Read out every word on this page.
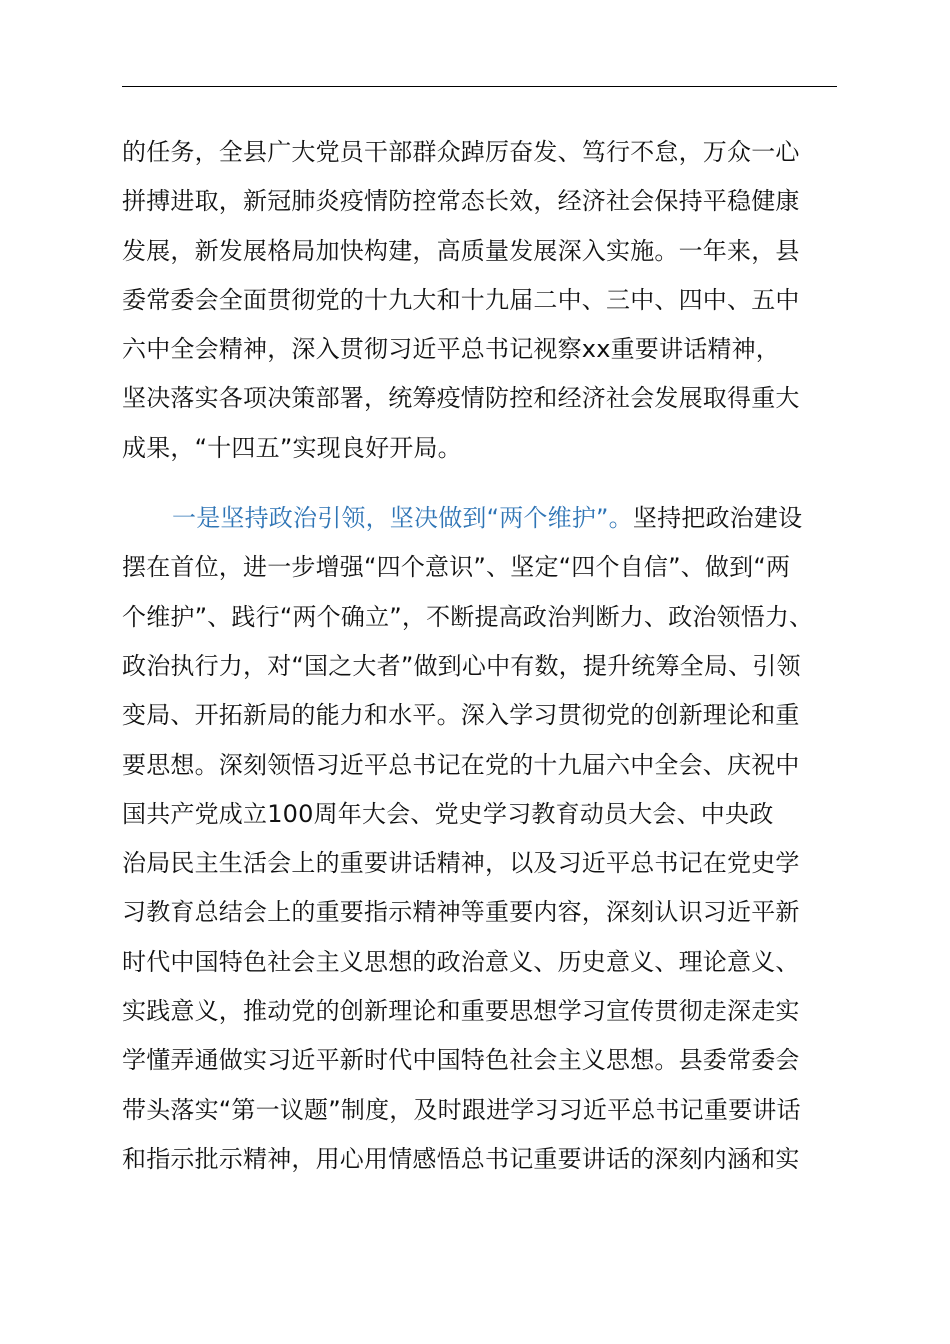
的任务，全县广大党员干部群众踔厉奋发、笃行不怠，万众一心
拼搏进取，新冠肺炎疫情防控常态长效，经济社会保持平稳健康
发展，新发展格局加快构建，高质量发展深入实施。一年来，县
委常委会全面贯彻党的十九大和十九届二中、三中、四中、五中
六中全会精神，深入贯彻习近平总书记视察xx重要讲话精神，
坚决落实各项决策部署，统筹疫情防控和经济社会发展取得重大
成果，“十四五”实现良好开局。
一是坚持政治引领，坚决做到“两个维护”。坚持把政治建设
摆在首位，进一步增强“四个意识”、坚定“四个自信”、做到“两
个维护”、践行“两个确立”，不断提高政治判断力、政治领悟力、
政治执行力，对“国之大者”做到心中有数，提升统筹全局、引领
变局、开拓新局的能力和水平。深入学习贯彻党的创新理论和重
要思想。深刻领悟习近平总书记在党的十九届六中全会、庆祝中
国共产党成立100周年大会、党史学习教育动员大会、中央政
治局民主生活会上的重要讲话精神，以及习近平总书记在党史学
习教育总结会上的重要指示精神等重要内容，深刻认识习近平新
时代中国特色社会主义思想的政治意义、历史意义、理论意义、
实践意义，推动党的创新理论和重要思想学习宣传贯彻走深走实
学懂弄通做实习近平新时代中国特色社会主义思想。县委常委会
带头落实“第一议题”制度，及时跟进学习习近平总书记重要讲话
和指示批示精神，用心用情感悟总书记重要讲话的深刻内涵和实
